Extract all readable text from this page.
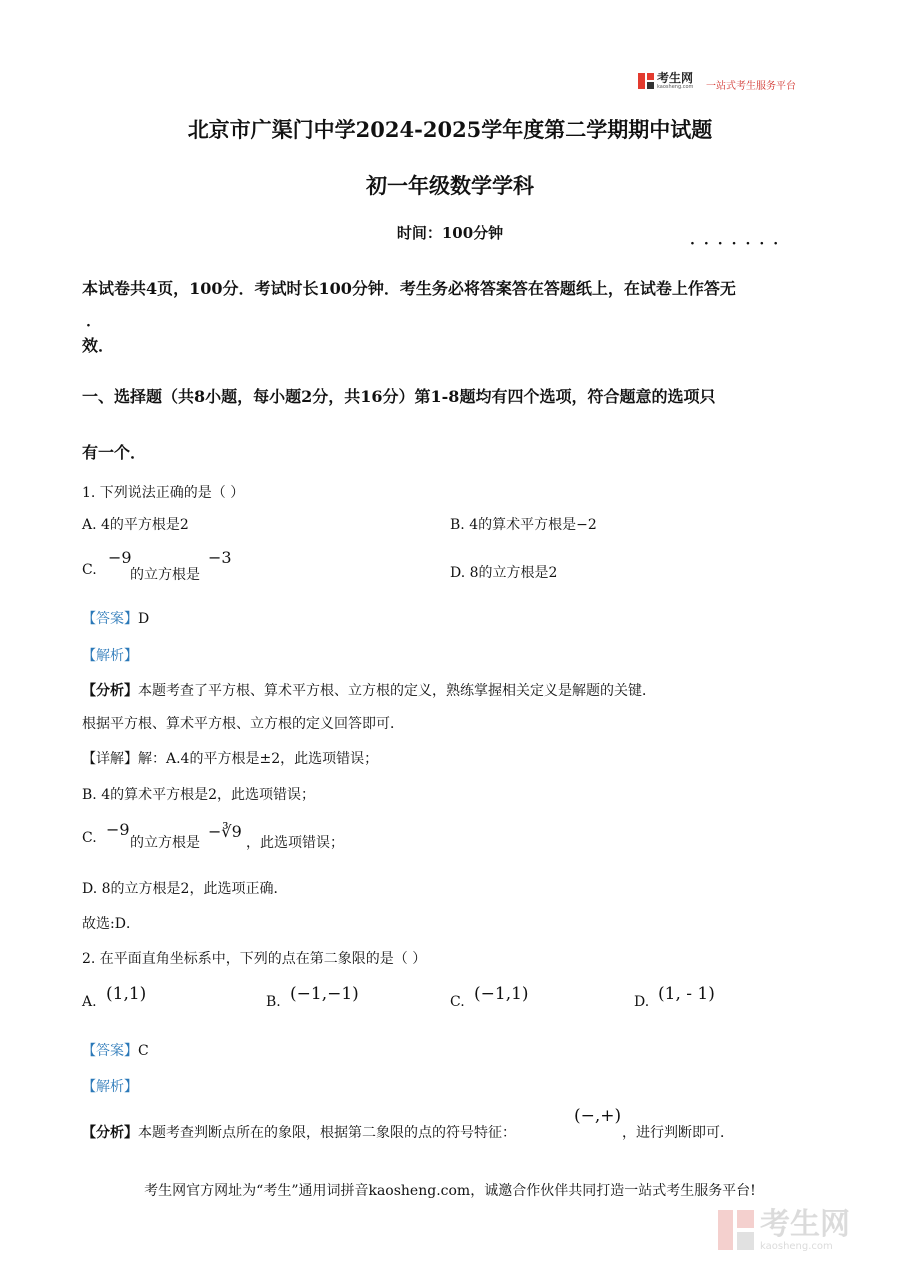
考生网
kaosheng.com 一站式考生服务平台
北京市广渠门中学2024-2025学年度第二学期期中试题
初一年级数学学科
时间：100分钟
·······
本试卷共4页，100分．考试时长100分钟．考生务必将答案答在答题纸上，在试卷上作答无
·
效．
一、选择题（共8小题，每小题2分，共16分）第1-8题均有四个选项，符合题意的选项只
有一个．
1. 下列说法正确的是（ ）
A. 4的平方根是2	B. 4的算术平方根是−2
C.
−9
的立方根是
−3
D. 8的立方根是2
【答案】D
【解析】
【分析】本题考查了平方根、算术平方根、立方根的定义，熟练掌握相关定义是解题的关键．
根据平方根、算术平方根、立方根的定义回答即可．
【详解】解：A.4的平方根是±2，此选项错误；
B. 4的算术平方根是2，此选项错误；
C. −9
的立方根是
−∛9
，此选项错误；
D. 8的立方根是2，此选项正确．
故选:D．
2. 在平面直角坐标系中，下列的点在第二象限的是（ ）
A. (1,1)	B. (−1,−1)	C. (−1,1)	D. (1, - 1)
【答案】C
【解析】
【分析】本题考查判断点所在的象限，根据第二象限的点的符号特征：
(−,+)
，进行判断即可．
考生网官方网址为“考生”通用词拼音kaosheng.com，诚邀合作伙伴共同打造一站式考生服务平台!
考生网
kaosheng.com
